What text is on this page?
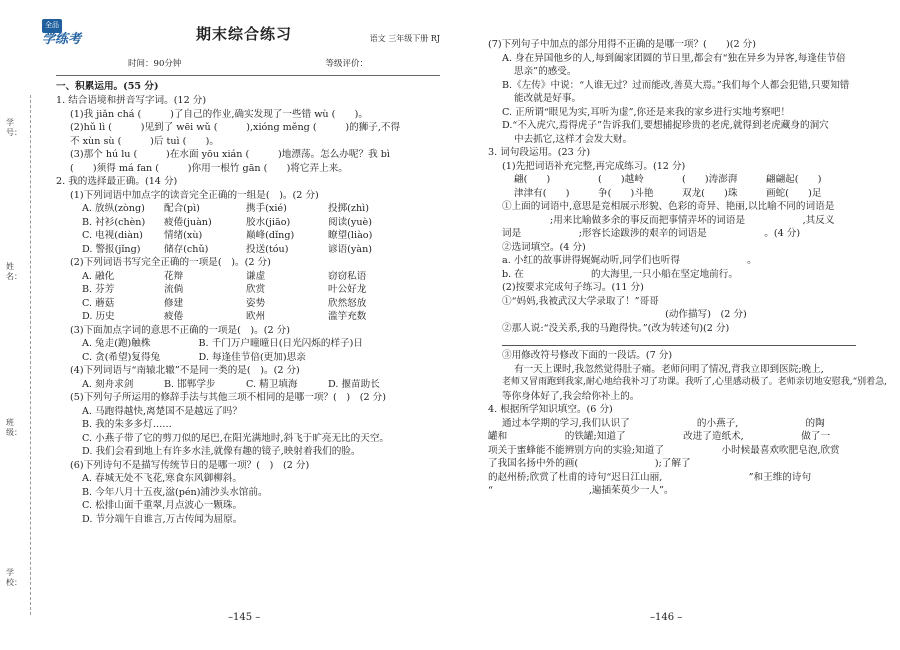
学号：
姓名：
班级：
学校：
全品
学练考	期末综合练习	语文 三年级下册 RJ
时间：90分钟	等级评价：
一、积累运用。(55 分)
1. 结合语境和拼音写字词。(12 分)
(1)我 jiǎn chá (　　　)了自己的作业,确实发现了一些错 wù (　　)。
(2)hǔ lì (　　　)见到了 wēi wǔ (　　　),xióng měng (　　　)的狮子,不得
不 xùn sù (　　　)后 tuì (　　)。
(3)那个 hú lu (　　　)在水面 yōu xián (　　　)地漂荡。怎么办呢？我 bì
(　　)须得 má fan (　　　)你用一根竹 gān (　　)将它弄上来。
2. 我的选择最正确。(14 分)
(1)下列词语中加点字的读音完全正确的一组是(　)。(2 分)
A. 放纵(zòng)	配合(pì)	携手(xié)	投掷(zhì)
B. 衬衫(chèn)	疲倦(juàn)	胶水(jiāo)	阅读(yuè)
C. 电视(diàn)	情绪(xù)	巅峰(dǐng)	瞭望(liào)
D. 警报(jǐng)	储存(chǔ)	投送(tóu)	谚语(yàn)
(2)下列词语书写完全正确的一项是(　)。(2 分)
A. 融化	花辩	谦虚	窃窃私语
B. 芬芳	流倘	欣赏	叶公好龙
C. 蘑菇	修建	姿势	欣然怒放
D. 历史	疲倦	欧州	滥竽充数
(3)下面加点字词的意思不正确的一项是(　)。(2 分)
A. 兔走(跑)触株　　　　　B. 千门万户曈曈日(日光闪烁的样子)日
C. 贪(希望)复得兔　　　　D. 每逢佳节倍(更加)思亲
(4)下列词语与“南辕北辙”不是同一类的是(　)。(2 分)
A. 刻舟求剑	B. 邯郸学步	C. 精卫填海	D. 揠苗助长
(5)下列句子所运用的修辞手法与其他三项不相同的是哪一项？(　)　(2 分)
A. 马跑得越快,离楚国不是越远了吗？
B. 我的朱多多灯……
C. 小燕子带了它的剪刀似的尾巴,在阳光满地时,斜飞于旷亮无比的天空。
D. 我们会看到地上有许多水洼,就像有趣的镜子,映射着我们的脸。
(6)下列诗句不是描写传统节日的是哪一项？(　)　(2 分)
A. 春城无处不飞花,寒食东风御柳斜。
B. 今年八月十五夜,湓(pén)浦沙头水馆前。
C. 松排山面千重翠,月点波心一颗珠。
D. 节分端午自谁言,万古传闻为屈原。
–145 –
(7)下列句子中加点的部分用得不正确的是哪一项？(　　)(2 分)
A. 身在异国他乡的人,每到阖家团圆的节日里,都会有“独在异乡为异客,每逢佳节倍
思亲”的感受。
B.《左传》中说：“人谁无过？过而能改,善莫大焉。”我们每个人都会犯错,只要知错
能改就是好事。
C. 正所谓“眼见为实,耳听为虚”,你还是来我的家乡进行实地考察吧！
D.“不入虎穴,焉得虎子”告诉我们,要想捕捉珍贵的老虎,就得到老虎藏身的洞穴
中去抓它,这样才会发大财。
3. 词句段运用。(23 分)
(1)先把词语补充完整,再完成练习。(12 分)
翩(　　)	(　　)越岭	(　　)涛澎湃	翩翩起(　　)
津津有(　　)	争(　　)斗艳	双龙(　　)珠	画蛇(　　)足
①上面的词语中,意思是竞相展示形貌、色彩的奇异、艳丽,以比喻不同的词语是
　　　　　;用来比喻做多余的事反而把事情弄坏的词语是　　　　　　,其反义
词是　　　　　　;形容长途跋涉的艰辛的词语是　　　　　　。(4 分)
②选词填空。(4 分)
a. 小红的故事讲得娓娓动听,同学们也听得　　　　　　　。
b. 在　　　　　　　的大海里,一只小船在坚定地前行。
(2)按要求完成句子练习。(11 分)
①“妈妈,我被武汉大学录取了！”哥哥　　　　　　　　　　　　　　　　　
　　　　　　　　　　　　　　　　　(动作描写)　(2 分)
②那人说:“没关系,我的马跑得快。”(改为转述句)(2 分)
③用修改符号修改下面的一段话。(7 分)
有一天上课时,我忽然觉得肚子痛。老师问明了情况,背我立即到医院;晚上,
老师又冒雨跑到我家,耐心地给我补习了功课。我听了,心里感动极了。老师亲切地安慰我,“别着急,
等你身体好了,我会给你补上的。
4. 根据所学知识填空。(6 分)
通过本学期的学习,我们认识了　　　　　　　的小燕子,　　　　　　　的陶
罐和　　　　　　的铁罐;知道了　　　　　　改进了造纸术,　　　　　　做了一
项关于蜜蜂能不能辨别方向的实验;知道了　　　　　　小时候最喜欢吹肥皂泡,欣赏
了我国名扬中外的画(　　　　　　　　);了解了　　　　　　　　　　　　
的赵州桥;欣赏了杜甫的诗句“迟日江山丽,　　　　　　　　　”和王维的诗句
“　　　　　　　　　　,遍插茱萸少一人”。
–146 –
